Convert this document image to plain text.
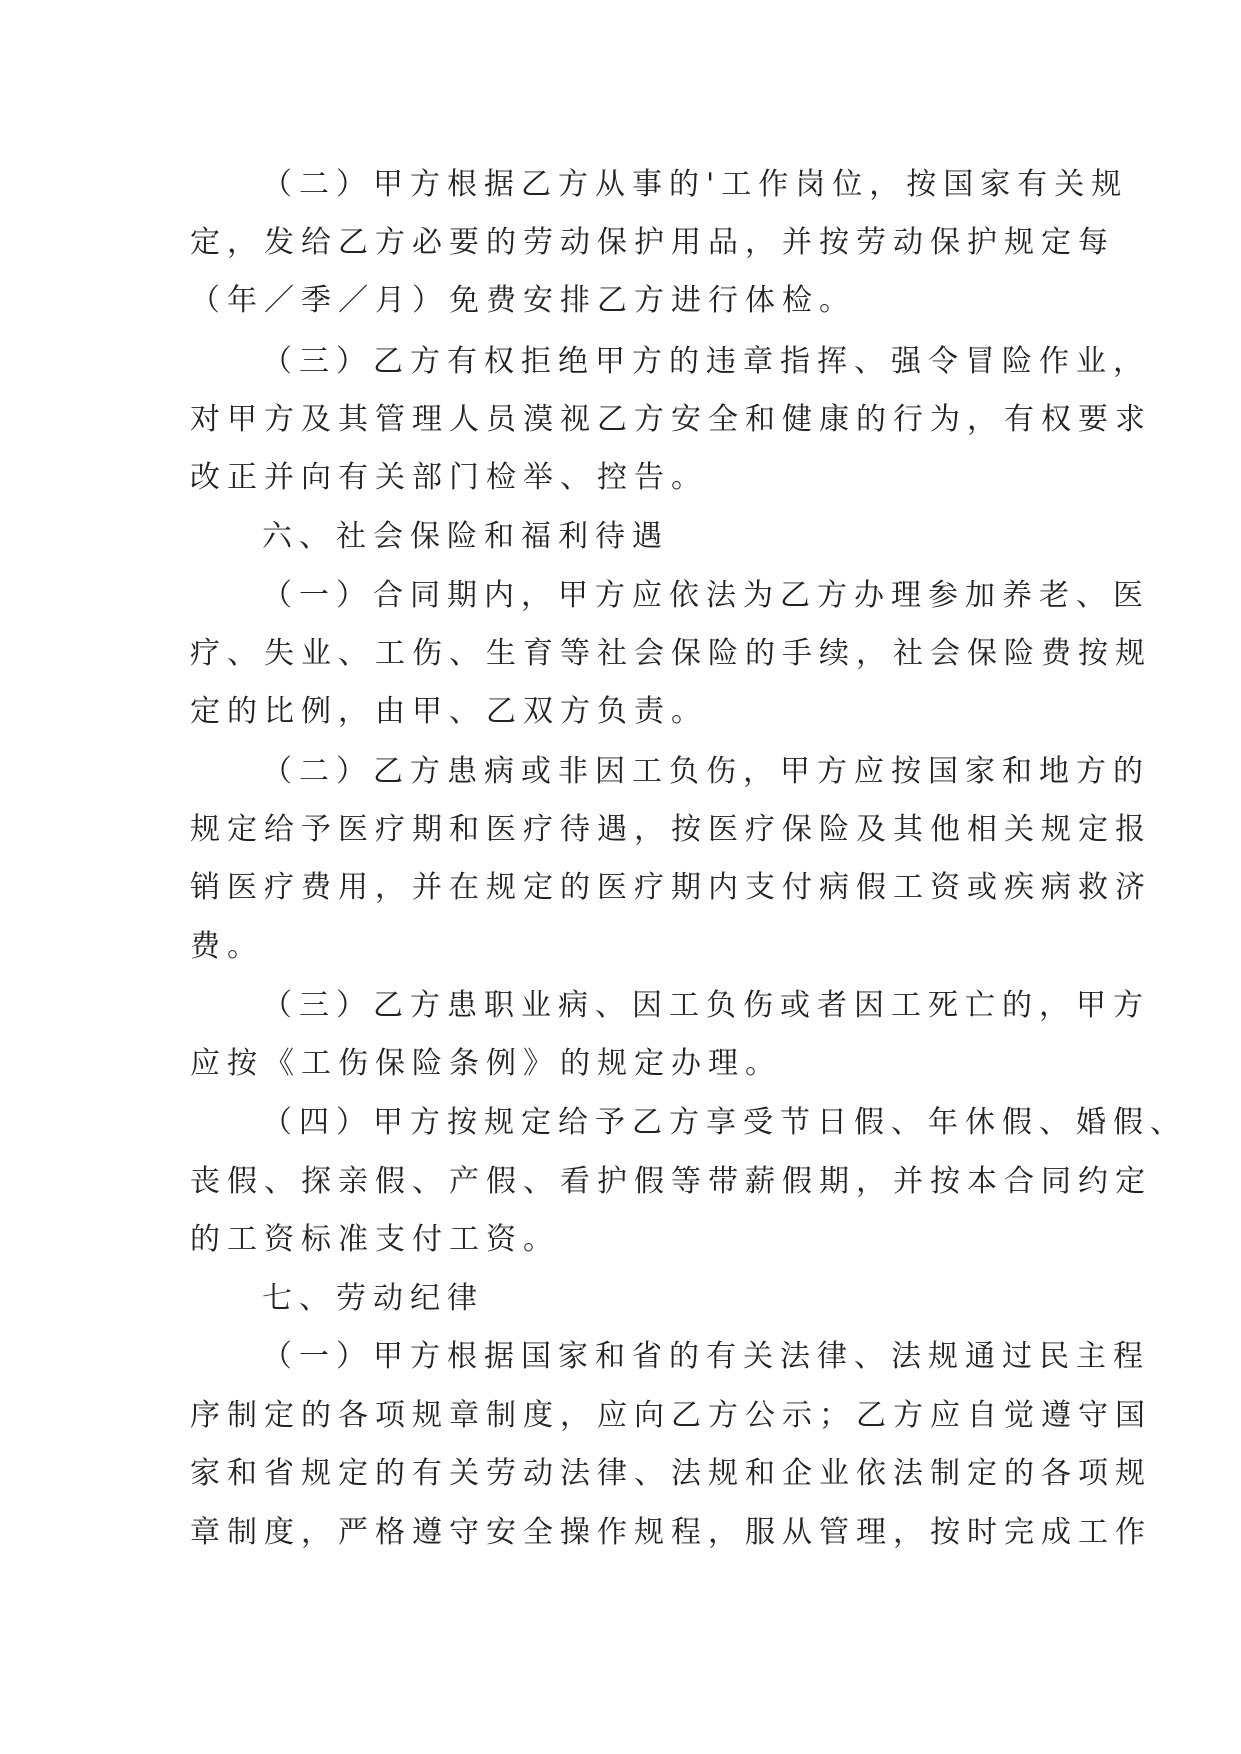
（二）甲方根据乙方从事的'工作岗位，按国家有关规
定，发给乙方必要的劳动保护用品，并按劳动保护规定每
（年／季／月）免费安排乙方进行体检。
（三）乙方有权拒绝甲方的违章指挥、强令冒险作业，
对甲方及其管理人员漠视乙方安全和健康的行为，有权要求
改正并向有关部门检举、控告。
六、社会保险和福利待遇
（一）合同期内，甲方应依法为乙方办理参加养老、医
疗、失业、工伤、生育等社会保险的手续，社会保险费按规
定的比例，由甲、乙双方负责。
（二）乙方患病或非因工负伤，甲方应按国家和地方的
规定给予医疗期和医疗待遇，按医疗保险及其他相关规定报
销医疗费用，并在规定的医疗期内支付病假工资或疾病救济
费。
（三）乙方患职业病、因工负伤或者因工死亡的，甲方
应按《工伤保险条例》的规定办理。
（四）甲方按规定给予乙方享受节日假、年休假、婚假、
丧假、探亲假、产假、看护假等带薪假期，并按本合同约定
的工资标准支付工资。
七、劳动纪律
（一）甲方根据国家和省的有关法律、法规通过民主程
序制定的各项规章制度，应向乙方公示；乙方应自觉遵守国
家和省规定的有关劳动法律、法规和企业依法制定的各项规
章制度，严格遵守安全操作规程，服从管理，按时完成工作
